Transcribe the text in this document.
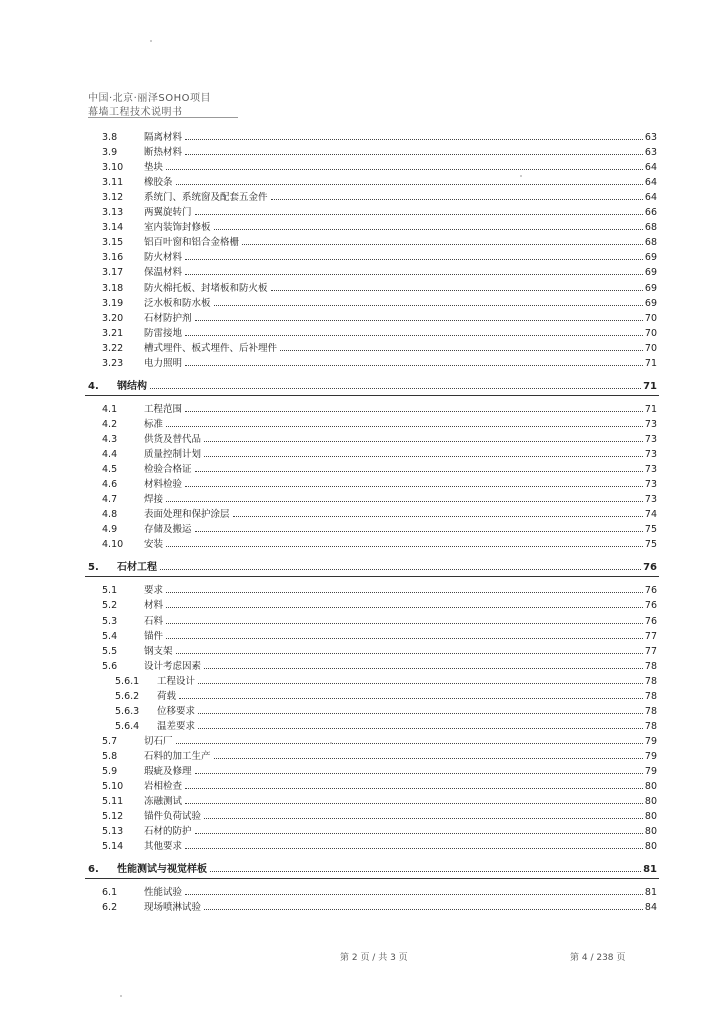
中国·北京·丽泽SOHO项目
幕墙工程技术说明书
3.8	隔离材料	63
3.9	断热材料	63
3.10 垫块	64
3.11 橡胶条	64
3.12 系统门、系统窗及配套五金件	64
3.13 两翼旋转门	66
3.14 室内装饰封修板	68
3.15 铝百叶窗和铝合金格栅	68
3.16 防火材料	69
3.17 保温材料	69
3.18 防火棉托板、封堵板和防火板	69
3.19 泛水板和防水板	69
3.20 石材防护剂	70
3.21 防雷接地	70
3.22 槽式埋件、板式埋件、后补埋件	70
3.23 电力照明	71
4. 钢结构	71
4.1	工程范围	71
4.2	标准	73
4.3	供货及替代品	73
4.4	质量控制计划	73
4.5	检验合格证	73
4.6	材料检验	73
4.7	焊接	73
4.8	表面处理和保护涂层	74
4.9	存储及搬运	75
4.10 安装	75
5. 石材工程	76
5.1	要求	76
5.2	材料	76
5.3	石料	76
5.4	锚件	77
5.5	钢支架	77
5.6	设计考虑因素	78
5.6.1 工程设计	78
5.6.2 荷载	78
5.6.3 位移要求	78
5.6.4 温差要求	78
5.7	切石厂	79
5.8	石料的加工生产	79
5.9	瑕疵及修理	79
5.10 岩相检查	80
5.11 冻融测试	80
5.12 锚件负荷试验	80
5.13 石材的防护	80
5.14 其他要求	80
6. 性能测试与视觉样板	81
6.1	性能试验	81
6.2	现场喷淋试验	84
第 2 页 / 共 3 页	第 4 / 238 页
